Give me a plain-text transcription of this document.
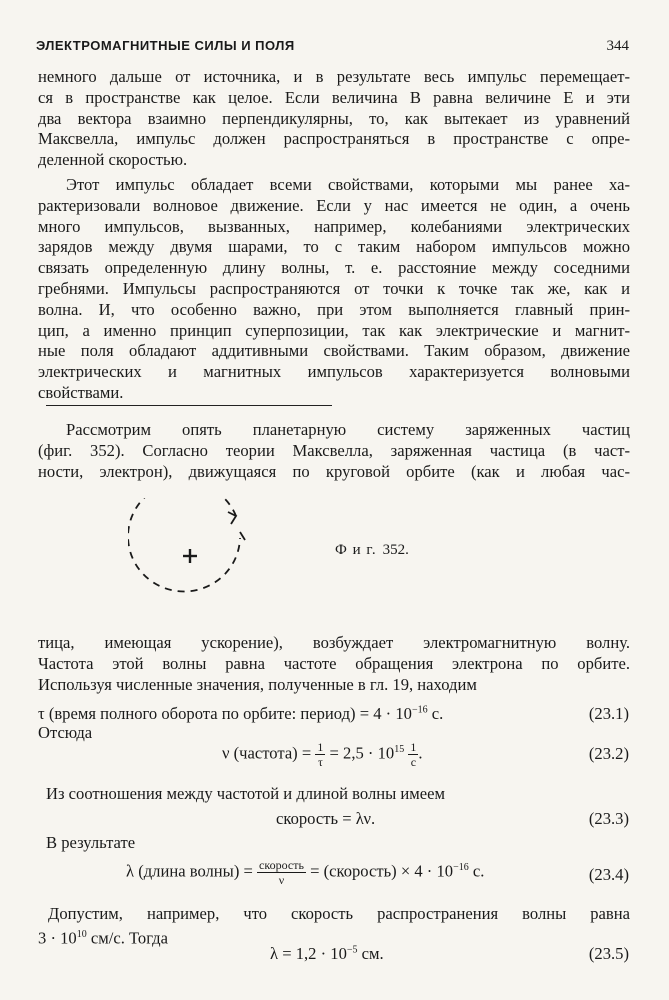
ЭЛЕКТРОМАГНИТНЫЕ СИЛЫ И ПОЛЯ	344
немного дальше от источника, и в результате весь импульс перемещает-
ся в пространстве как целое. Если величина B равна величине E и эти
два вектора взаимно перпендикулярны, то, как вытекает из уравнений
Максвелла, импульс должен распространяться в пространстве с опре-
деленной скоростью.
Этот импульс обладает всеми свойствами, которыми мы ранее ха-
рактеризовали волновое движение. Если у нас имеется не один, а очень
много импульсов, вызванных, например, колебаниями электрических
зарядов между двумя шарами, то с таким набором импульсов можно
связать определенную длину волны, т. е. расстояние между соседними
гребнями. Импульсы распространяются от точки к точке так же, как и
волна. И, что особенно важно, при этом выполняется главный прин-
цип, а именно принцип суперпозиции, так как электрические и магнит-
ные поля обладают аддитивными свойствами. Таким образом, движение
электрических и магнитных импульсов характеризуется волновыми
свойствами.
Рассмотрим опять планетарную систему заряженных частиц
(фиг. 352). Согласно теории Максвелла, заряженная частица (в част-
ности, электрон), движущаяся по круговой орбите (как и любая час-
Ф и г. 352.
тица, имеющая ускорение), возбуждает электромагнитную волну.
Частота этой волны равна частоте обращения электрона по орбите.
Используя численные значения, полученные в гл. 19, находим
τ (время полного оборота по орбите: период) = $4 \cdot 10^{-16}$ с.	(23.1)
Отсюда
ν (частота) = $\frac{1}{\tau} = 2,5 \cdot 10^{15} \frac{1}{с}$ .	(23.2)
Из соотношения между частотой и длиной волны имеем
скорость = λν.	(23.3)
В результате
λ (длина волны) = $\frac{\text{скорость}}{\nu}$ = (скорость) × $4 \cdot 10^{-16}$ с.	(23.4)
Допустим, например, что скорость распространения волны равна
$3 \cdot 10^{10}$ см/с. Тогда
$\lambda = 1,2 \cdot 10^{-5}$ см.	(23.5)
